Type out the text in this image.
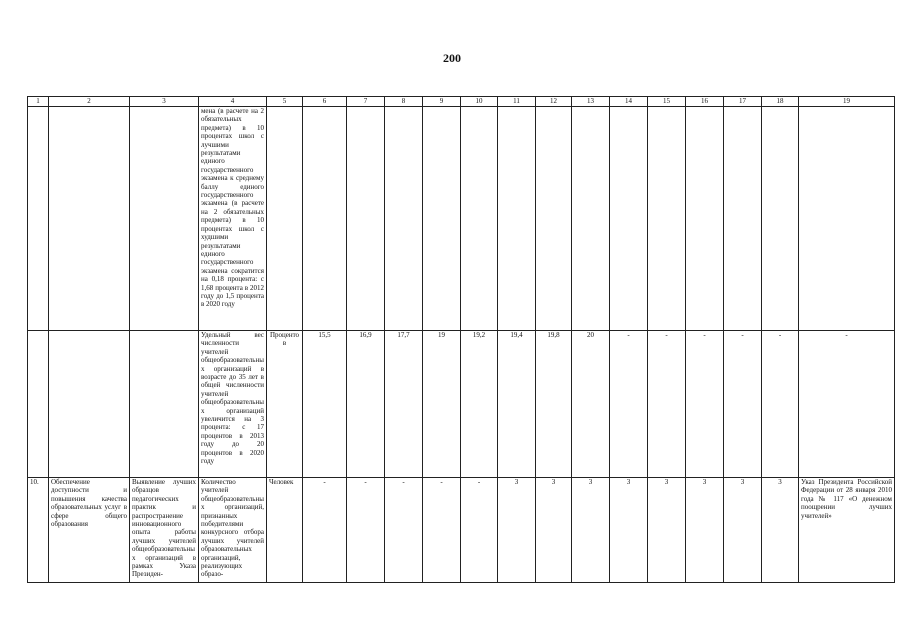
200
1	2	3	4	5	6	7	8	9	10	11	12	13	14	15	16	17	18	19
			мена (в расчете на 2 обязательных предмета) в 10 процентах школ с лучшими результатами единого государственного экзамена к среднему баллу единого государственного экзамена (в расчете на 2 обязательных предмета) в 10 процентах школ с худшими результатами единого государственного экзамена сократится на 0,18 процента: с 1,68 процента в 2012 году до 1,5 процента в 2020 году															
			Удельный вес численности учителей общеобразовательных организаций в возрасте до 35 лет в общей численности учителей общеобразовательных организаций увеличится на 3 процента: с 17 процентов в 2013 году до 20 процентов в 2020 году	Процентов	15,5	16,9	17,7	19	19,2	19,4	19,8	20	-	-	-	-	-	-
10.	Обеспечение доступности и повышения качества образовательных услуг в сфере общего образования	Выявление лучших образцов педагогических практик и распространение инновационного опыта работы лучших учителей общеобразовательных организаций в рамках Указа Президен-	Количество учителей общеобразовательных организаций, признанных победителями конкурсного отбора лучших учителей образовательных организаций, реализующих образо-	Человек	-	-	-	-	-	3	3	3	3	3	3	3	3	Указ Президента Российской Федерации от 28 января 2010 года № 117 «О денежном поощрении лучших учителей»
